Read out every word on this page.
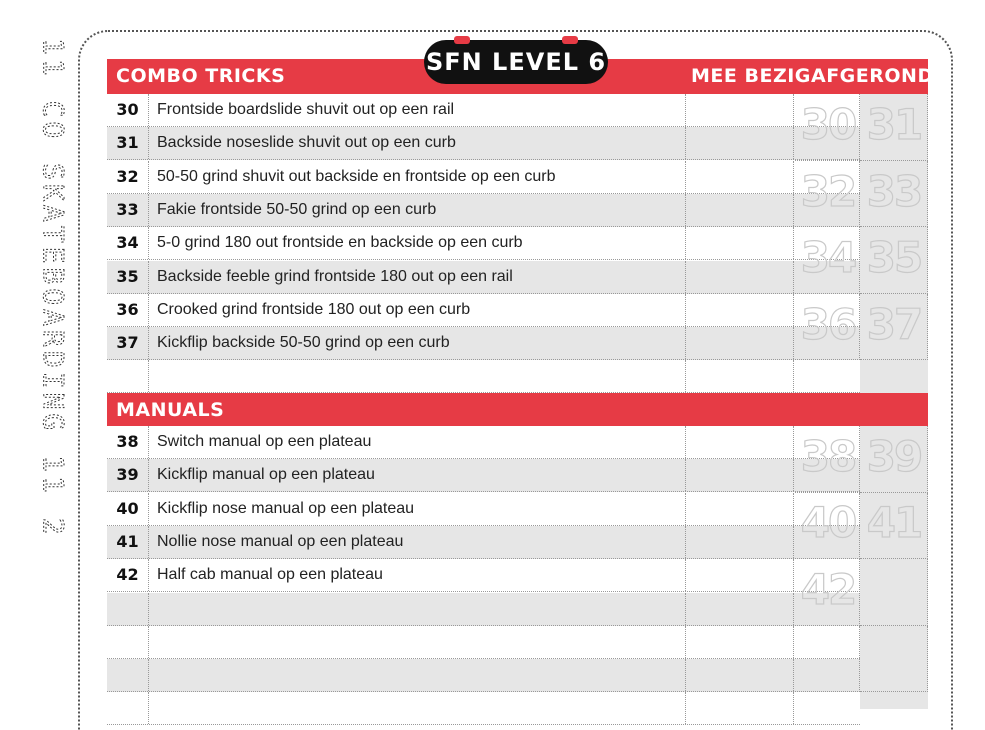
11 CO SKATEBOARDING 11 2	SFN LEVEL 6
COMBO TRICKS	MEE BEZIG AFGEROND
MANUALS
30	Frontside boardslide shuvit out op een rail
31	Backside noseslide shuvit out op een curb
32	50-50 grind shuvit out backside en frontside op een curb
33	Fakie frontside 50-50 grind op een curb
34	5-0 grind 180 out frontside en backside op een curb
35	Backside feeble grind frontside 180 out op een rail
36	Crooked grind frontside 180 out op een curb
37	Kickflip backside 50-50 grind op een curb
38	Switch manual op een plateau
39	Kickflip manual op een plateau
40	Kickflip nose manual op een plateau
41	Nollie nose manual op een plateau
42	Half cab manual op een plateau
30 31
32 33
34 35
36 37
38 39
40 41
42
